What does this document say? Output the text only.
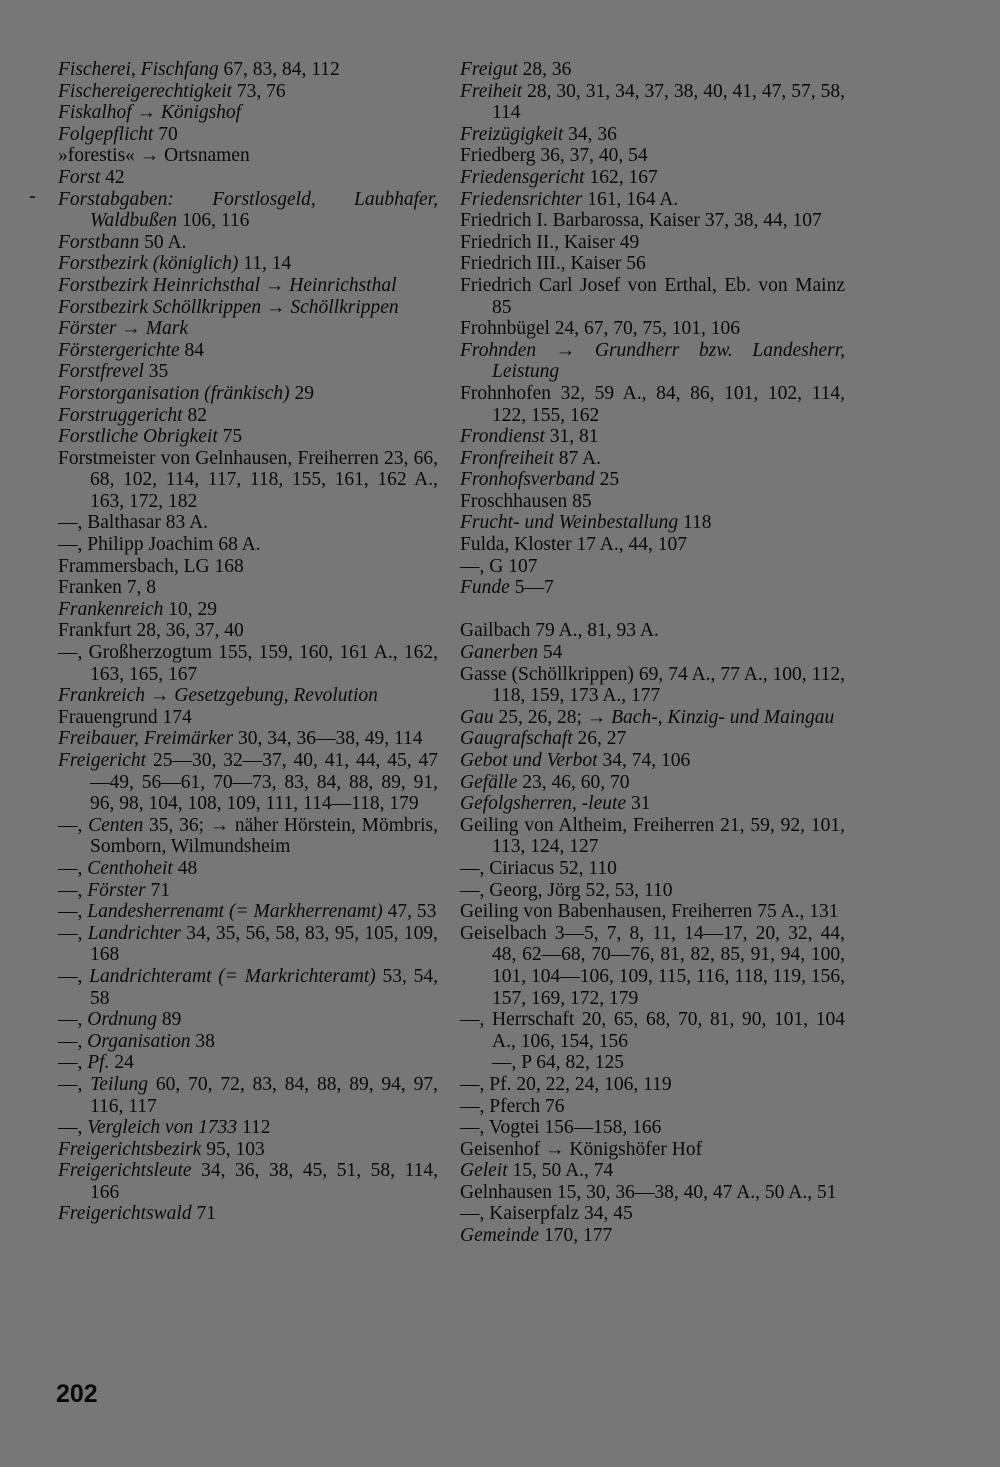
Fischerei, Fischfang 67, 83, 84, 112

Fischereigerechtigkeit 73, 76

Fiskalhof → Königshof

Folgepflicht 70

»forestis« → Ortsnamen

Forst 42

Forstabgaben: Forstlosgeld, Laubhafer, Waldbußen 106, 116

Forstbann 50 A.

Forstbezirk (königlich) 11, 14

Forstbezirk Heinrichsthal → Heinrichsthal

Forstbezirk Schöllkrippen → Schöllkrippen

Förster → Mark

Förstergerichte 84

Forstfrevel 35

Forstorganisation (fränkisch) 29

Forstruggericht 82

Forstliche Obrigkeit 75

Forstmeister von Gelnhausen, Freiherren 23, 66, 68, 102, 114, 117, 118, 155, 161, 162 A., 163, 172, 182

—, Balthasar 83 A.

—, Philipp Joachim 68 A.

Frammersbach, LG 168

Franken 7, 8

Frankenreich 10, 29

Frankfurt 28, 36, 37, 40

—, Großherzogtum 155, 159, 160, 161 A., 162, 163, 165, 167

Frankreich → Gesetzgebung, Revolution

Frauengrund 174

Freibauer, Freimärker 30, 34, 36—38, 49, 114

Freigericht 25—30, 32—37, 40, 41, 44, 45, 47—49, 56—61, 70—73, 83, 84, 88, 89, 91, 96, 98, 104, 108, 109, 111, 114—118, 179

—, Centen 35, 36; → näher Hörstein, Mömbris, Somborn, Wilmundsheim

—, Centhoheit 48

—, Förster 71

—, Landesherrenamt (= Markherrenamt) 47, 53

—, Landrichter 34, 35, 56, 58, 83, 95, 105, 109, 168

—, Landrichteramt (= Markrichteramt) 53, 54, 58

—, Ordnung 89

—, Organisation 38

—, Pf. 24

—, Teilung 60, 70, 72, 83, 84, 88, 89, 94, 97, 116, 117

—, Vergleich von 1733 112

Freigerichtsbezirk 95, 103

Freigerichtsleute 34, 36, 38, 45, 51, 58, 114, 166

Freigerichtswald 71

Freigut 28, 36

Freiheit 28, 30, 31, 34, 37, 38, 40, 41, 47, 57, 58, 114

Freizügigkeit 34, 36

Friedberg 36, 37, 40, 54

Friedensgericht 162, 167

Friedensrichter 161, 164 A.

Friedrich I. Barbarossa, Kaiser 37, 38, 44, 107

Friedrich II., Kaiser 49

Friedrich III., Kaiser 56

Friedrich Carl Josef von Erthal, Eb. von Mainz 85

Frohnbügel 24, 67, 70, 75, 101, 106

Frohnden → Grundherr bzw. Landesherr, Leistung

Frohnhofen 32, 59 A., 84, 86, 101, 102, 114, 122, 155, 162

Frondienst 31, 81

Fronfreiheit 87 A.

Fronhofsverband 25

Froschhausen 85

Frucht- und Weinbestallung 118

Fulda, Kloster 17 A., 44, 107

—, G 107

Funde 5—7

Gailbach 79 A., 81, 93 A.

Ganerben 54

Gasse (Schöllkrippen) 69, 74 A., 77 A., 100, 112, 118, 159, 173 A., 177

Gau 25, 26, 28; → Bach-, Kinzig- und Maingau

Gaugrafschaft 26, 27

Gebot und Verbot 34, 74, 106

Gefälle 23, 46, 60, 70

Gefolgsherren, -leute 31

Geiling von Altheim, Freiherren 21, 59, 92, 101, 113, 124, 127

—, Ciriacus 52, 110

—, Georg, Jörg 52, 53, 110

Geiling von Babenhausen, Freiherren 75 A., 131

Geiselbach 3—5, 7, 8, 11, 14—17, 20, 32, 44, 48, 62—68, 70—76, 81, 82, 85, 91, 94, 100, 101, 104—106, 109, 115, 116, 118, 119, 156, 157, 169, 172, 179

—, Herrschaft 20, 65, 68, 70, 81, 90, 101, 104 A., 106, 154, 156

—, P 64, 82, 125

—, Pf. 20, 22, 24, 106, 119

—, Pferch 76

—, Vogtei 156—158, 166

Geisenhof → Königshöfer Hof

Geleit 15, 50 A., 74

Gelnhausen 15, 30, 36—38, 40, 47 A., 50 A., 51

—, Kaiserpfalz 34, 45

Gemeinde 170, 177

202
